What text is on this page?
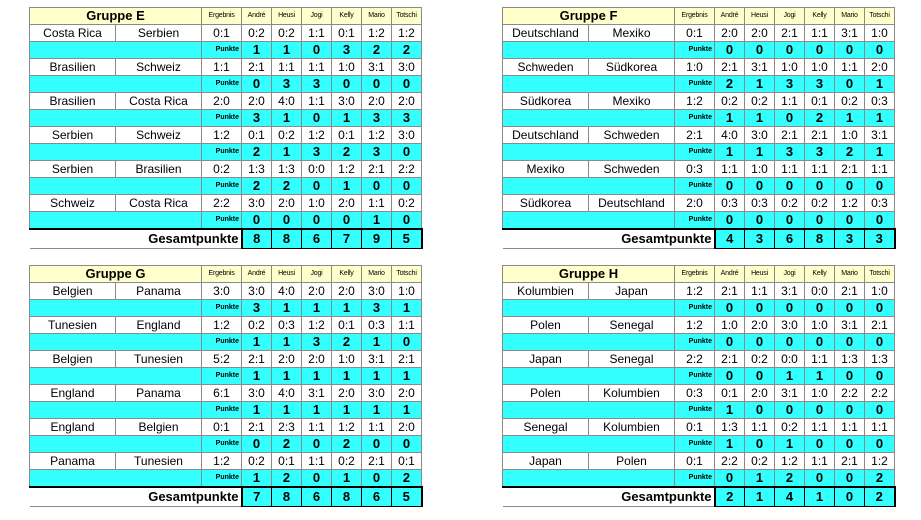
Gruppe E		Ergebnis	André	Heusi	Jogi	Kelly	Mario	Totschi
Costa Rica	Serbien	0:1	0:2	0:2	1:1	0:1	1:2	1:2
		Punkte	1	1	0	3	2	2
Brasilien	Schweiz	1:1	2:1	1:1	1:1	1:0	3:1	3:0
		Punkte	0	3	3	0	0	0
Brasilien	Costa Rica	2:0	2:0	4:0	1:1	3:0	2:0	2:0
		Punkte	3	1	0	1	3	3
Serbien	Schweiz	1:2	0:1	0:2	1:2	0:1	1:2	3:0
		Punkte	2	1	3	2	3	0
Serbien	Brasilien	0:2	1:3	1:3	0:0	1:2	2:1	2:2
		Punkte	2	2	0	1	0	0
Schweiz	Costa Rica	2:2	3:0	2:0	1:0	2:0	1:1	0:2
		Punkte	0	0	0	0	1	0
Gesamtpunkte			8	8	6	7	9	5
Gruppe F		Ergebnis	André	Heusi	Jogi	Kelly	Mario	Totschi
Deutschland	Mexiko	0:1	2:0	2:0	2:1	1:1	3:1	1:0
		Punkte	0	0	0	0	0	0
Schweden	Südkorea	1:0	2:1	3:1	1:0	1:0	1:1	2:0
		Punkte	2	1	3	3	0	1
Südkorea	Mexiko	1:2	0:2	0:2	1:1	0:1	0:2	0:3
		Punkte	1	1	0	2	1	1
Deutschland	Schweden	2:1	4:0	3:0	2:1	2:1	1:0	3:1
		Punkte	1	1	3	3	2	1
Mexiko	Schweden	0:3	1:1	1:0	1:1	1:1	2:1	1:1
		Punkte	0	0	0	0	0	0
Südkorea	Deutschland	2:0	0:3	0:3	0:2	0:2	1:2	0:3
		Punkte	0	0	0	0	0	0
Gesamtpunkte			4	3	6	8	3	3
Gruppe G		Ergebnis	André	Heusi	Jogi	Kelly	Mario	Totschi
Belgien	Panama	3:0	3:0	4:0	2:0	2:0	3:0	1:0
		Punkte	3	1	1	1	3	1
Tunesien	England	1:2	0:2	0:3	1:2	0:1	0:3	1:1
		Punkte	1	1	3	2	1	0
Belgien	Tunesien	5:2	2:1	2:0	2:0	1:0	3:1	2:1
		Punkte	1	1	1	1	1	1
England	Panama	6:1	3:0	4:0	3:1	2:0	3:0	2:0
		Punkte	1	1	1	1	1	1
England	Belgien	0:1	2:1	2:3	1:1	1:2	1:1	2:0
		Punkte	0	2	0	2	0	0
Panama	Tunesien	1:2	0:2	0:1	1:1	0:2	2:1	0:1
		Punkte	1	2	0	1	0	2
Gesamtpunkte			7	8	6	8	6	5
Gruppe H		Ergebnis	André	Heusi	Jogi	Kelly	Mario	Totschi
Kolumbien	Japan	1:2	2:1	1:1	3:1	0:0	2:1	1:0
		Punkte	0	0	0	0	0	0
Polen	Senegal	1:2	1:0	2:0	3:0	1:0	3:1	2:1
		Punkte	0	0	0	0	0	0
Japan	Senegal	2:2	2:1	0:2	0:0	1:1	1:3	1:3
		Punkte	0	0	1	1	0	0
Polen	Kolumbien	0:3	0:1	2:0	3:1	1:0	2:2	2:2
		Punkte	1	0	0	0	0	0
Senegal	Kolumbien	0:1	1:3	1:1	0:2	1:1	1:1	1:1
		Punkte	1	0	1	0	0	0
Japan	Polen	0:1	2:2	0:2	1:2	1:1	2:1	1:2
		Punkte	0	1	2	0	0	2
Gesamtpunkte			2	1	4	1	0	2
